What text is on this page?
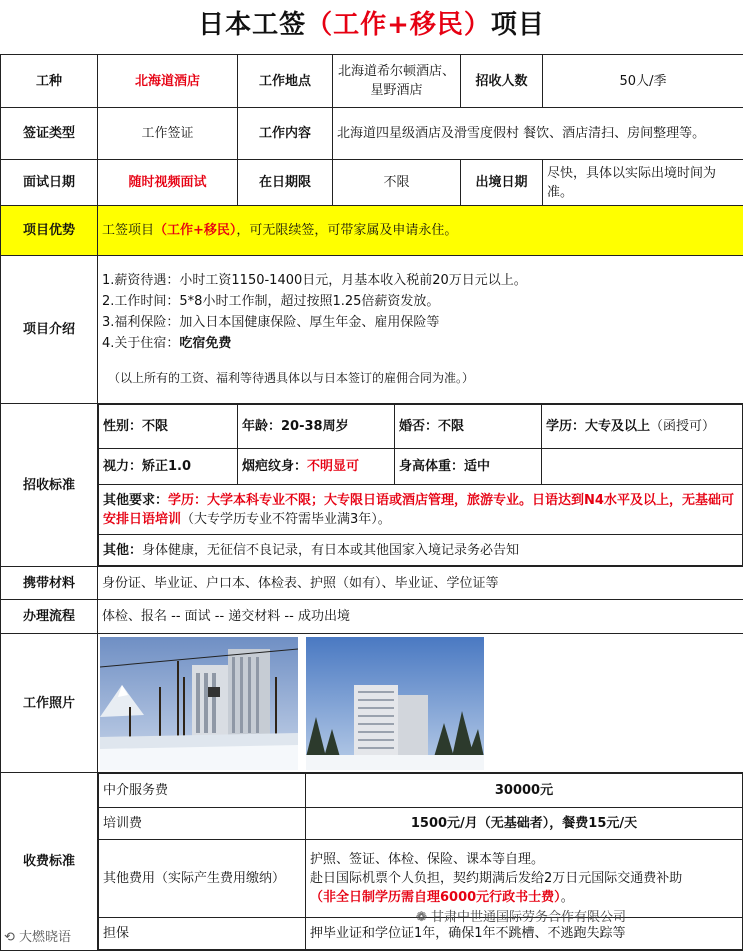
日本工签（工作+移民）项目
工种	北海道酒店	工作地点	北海道希尔顿酒店、星野酒店	招收人数	50人/季
签证类型	工作签证	工作内容	北海道四星级酒店及滑雪度假村 餐饮、酒店清扫、房间整理等。
面试日期	随时视频面试	在日期限	不限	出境日期	尽快，具体以实际出境时间为准。
项目优势	工签项目（工作+移民），可无限续签，可带家属及申请永住。
项目介绍	
1.薪资待遇：小时工资1150-1400日元，月基本收入税前20万日元以上。
2.工作时间：5*8小时工作制，超过按照1.25倍薪资发放。
3.福利保险：加入日本国健康保险、厚生年金、雇用保险等
4.关于住宿：吃宿免费
（以上所有的工资、福利等待遇具体以与日本签订的雇佣合同为准。）

招收标准	
性别：不限	年龄：20-38周岁	婚否：不限	学历：大专及以上（函授可）
视力：矫正1.0	烟疤纹身：不明显可	身高体重：适中	
其他要求：学历：大学本科专业不限；大专限日语或酒店管理，旅游专业。日语达到N4水平及以上，无基础可安排日语培训（大专学历专业不符需毕业满3年）。
其他：身体健康，无征信不良记录，有日本或其他国家入境记录务必告知

携带材料	身份证、毕业证、户口本、体检表、护照（如有）、毕业证、学位证等
办理流程	体检、报名 -- 面试 -- 递交材料 -- 成功出境
工作照片	
收费标准	
中介服务费	30000元
培训费	1500元/月（无基础者），餐费15元/天
其他费用（实际产生费用缴纳）	
护照、签证、体检、保险、课本等自理。
赴日国际机票个人负担，契约期满后发给2万日元国际交通费补助
（非全日制学历需自理6000元行政书士费）。

担保	押毕业证和学位证1年，确保1年不跳槽、不逃跑失踪等
⟲ 大燃晓语
❁ 甘肃中世通国际劳务合作有限公司
